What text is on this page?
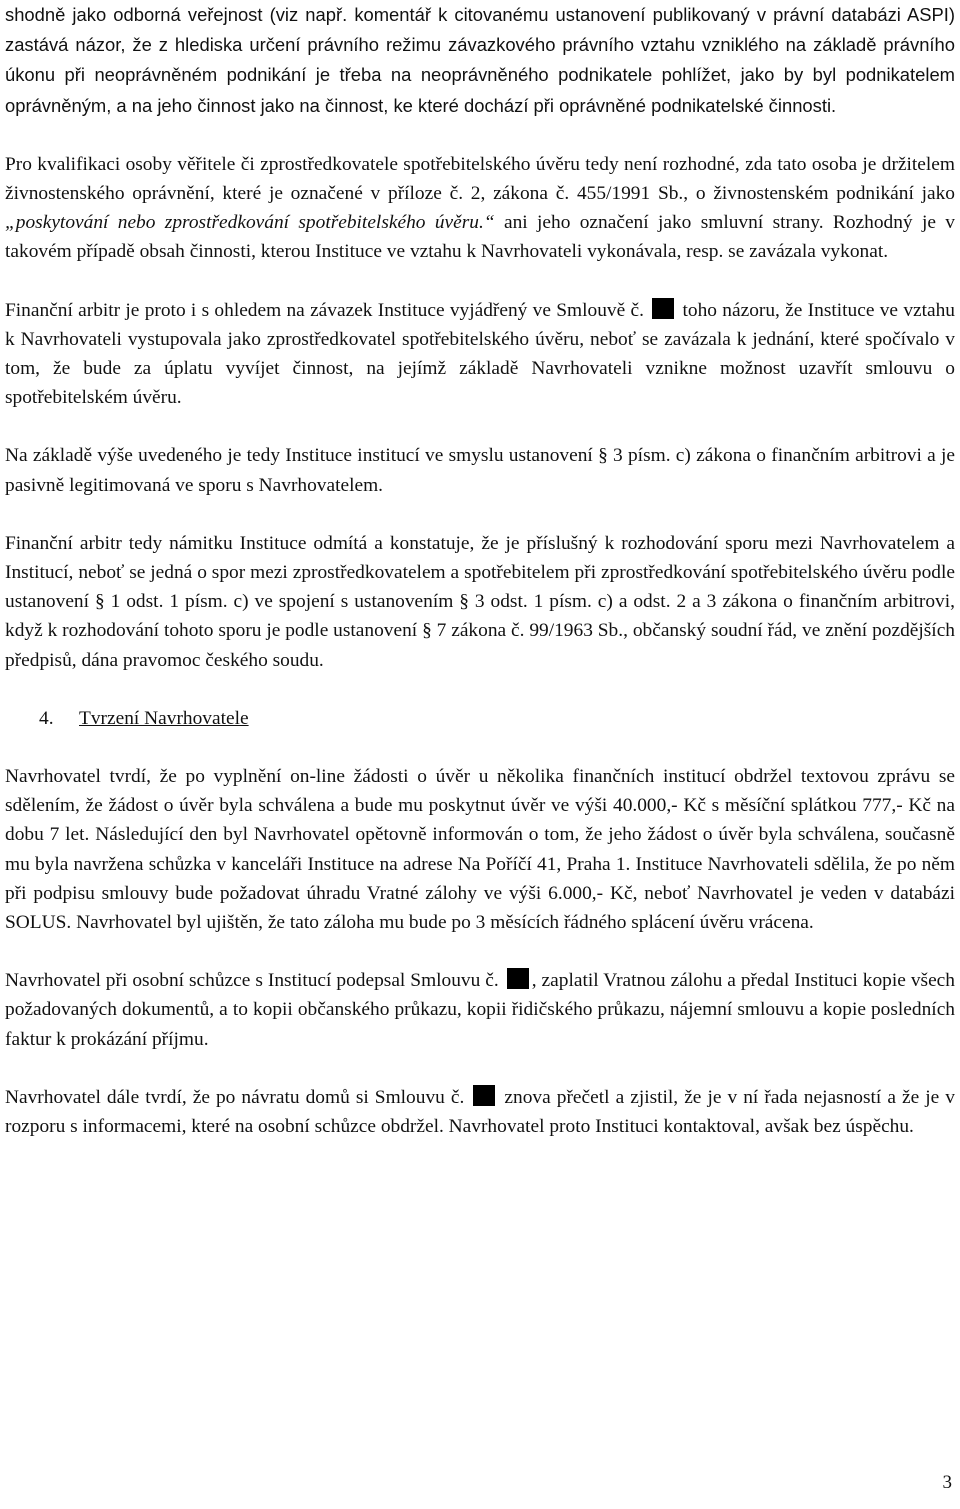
shodně jako odborná veřejnost (viz např. komentář k citovanému ustanovení publikovaný v právní databázi ASPI) zastává názor, že z hlediska určení právního režimu závazkového právního vztahu vzniklého na základě právního úkonu při neoprávněném podnikání je třeba na neoprávněného podnikatele pohlížet, jako by byl podnikatelem oprávněným, a na jeho činnost jako na činnost, ke které dochází při oprávněné podnikatelské činnosti.

Pro kvalifikaci osoby věřitele či zprostředkovatele spotřebitelského úvěru tedy není rozhodné, zda tato osoba je držitelem živnostenského oprávnění, které je označené v příloze č. 2, zákona č. 455/1991 Sb., o živnostenském podnikání jako „poskytování nebo zprostředkování spotřebitelského úvěru.“ ani jeho označení jako smluvní strany. Rozhodný je v takovém případě obsah činnosti, kterou Instituce ve vztahu k Navrhovateli vykonávala, resp. se zavázala vykonat.

Finanční arbitr je proto i s ohledem na závazek Instituce vyjádřený ve Smlouvě č.  toho názoru, že Instituce ve vztahu k Navrhovateli vystupovala jako zprostředkovatel spotřebitelského úvěru, neboť se zavázala k jednání, které spočívalo v tom, že bude za úplatu vyvíjet činnost, na jejímž základě Navrhovateli vznikne možnost uzavřít smlouvu o spotřebitelském úvěru.

Na základě výše uvedeného je tedy Instituce institucí ve smyslu ustanovení § 3 písm. c) zákona o finančním arbitrovi a je pasivně legitimovaná ve sporu s Navrhovatelem.

Finanční arbitr tedy námitku Instituce odmítá a konstatuje, že je příslušný k rozhodování sporu mezi Navrhovatelem a Institucí, neboť se jedná o spor mezi zprostředkovatelem a spotřebitelem při zprostředkování spotřebitelského úvěru podle ustanovení § 1 odst. 1 písm. c) ve spojení s ustanovením § 3 odst. 1 písm. c) a odst. 2 a 3 zákona o finančním arbitrovi, když k rozhodování tohoto sporu je podle ustanovení § 7 zákona č. 99/1963 Sb., občanský soudní řád, ve znění pozdějších předpisů, dána pravomoc českého soudu.

4. Tvrzení Navrhovatele

Navrhovatel tvrdí, že po vyplnění on-line žádosti o úvěr u několika finančních institucí obdržel textovou zprávu se sdělením, že žádost o úvěr byla schválena a bude mu poskytnut úvěr ve výši 40.000,- Kč s měsíční splátkou 777,- Kč na dobu 7 let. Následující den byl Navrhovatel opětovně informován o tom, že jeho žádost o úvěr byla schválena, současně mu byla navržena schůzka v kanceláři Instituce na adrese Na Poříčí 41, Praha 1. Instituce Navrhovateli sdělila, že po něm při podpisu smlouvy bude požadovat úhradu Vratné zálohy ve výši 6.000,- Kč, neboť Navrhovatel je veden v databázi SOLUS. Navrhovatel byl ujištěn, že tato záloha mu bude po 3 měsících řádného splácení úvěru vrácena.

Navrhovatel při osobní schůzce s Institucí podepsal Smlouvu č. , zaplatil Vratnou zálohu a předal Instituci kopie všech požadovaných dokumentů, a to kopii občanského průkazu, kopii řidičského průkazu, nájemní smlouvu a kopie posledních faktur k prokázání příjmu.

Navrhovatel dále tvrdí, že po návratu domů si Smlouvu č.  znova přečetl a zjistil, že je v ní řada nejasností a že je v rozporu s informacemi, které na osobní schůzce obdržel. Navrhovatel proto Instituci kontaktoval, avšak bez úspěchu.

3
